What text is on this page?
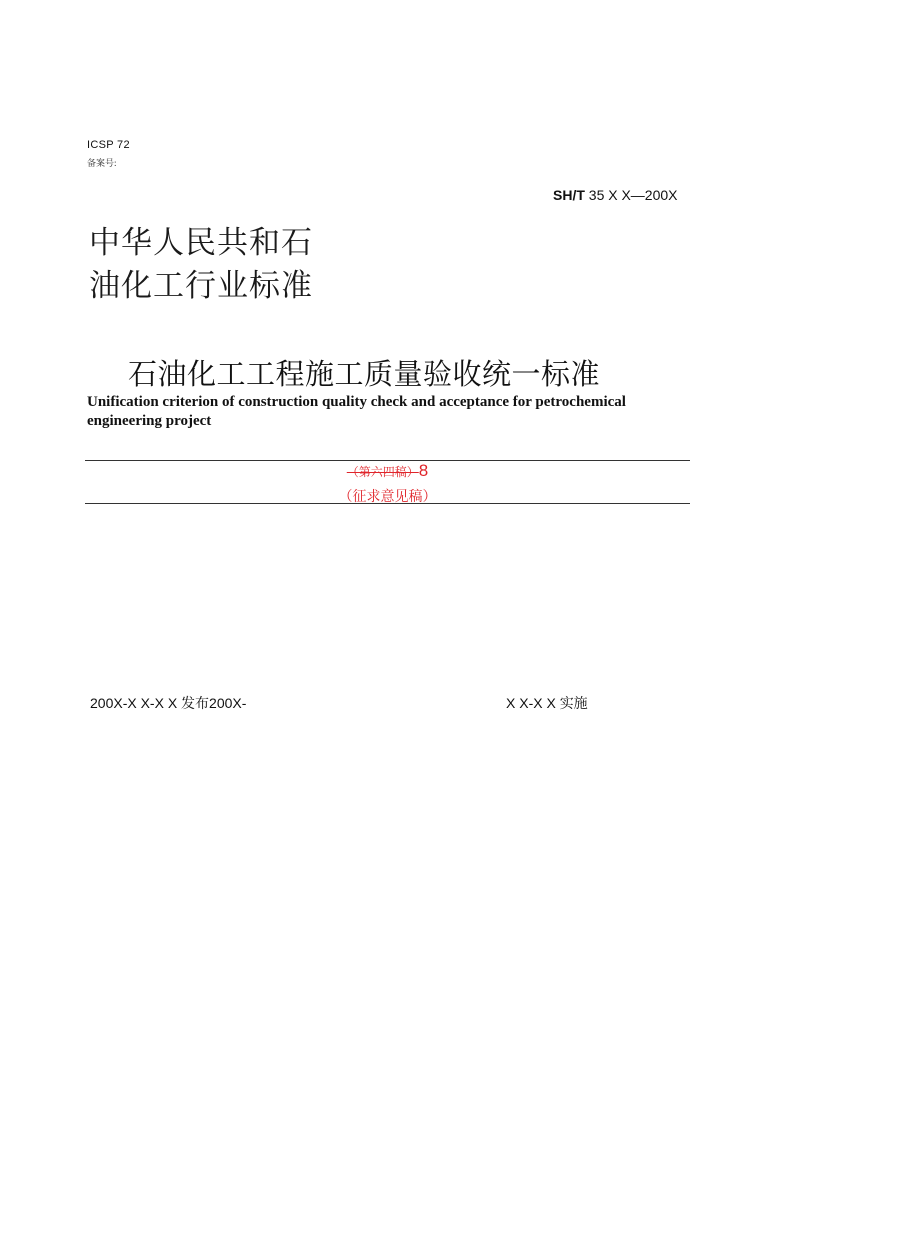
ICSP 72
备案号:
SH/T 35 X X—200X
中华人民共和石
油化工行业标准
石油化工工程施工质量验收统一标准
Unification criterion of construction quality check and acceptance for petrochemical engineering project
（第六四稿）8
（征求意见稿）
200X-X X-X X 发布200X-	X X-X X 实施
